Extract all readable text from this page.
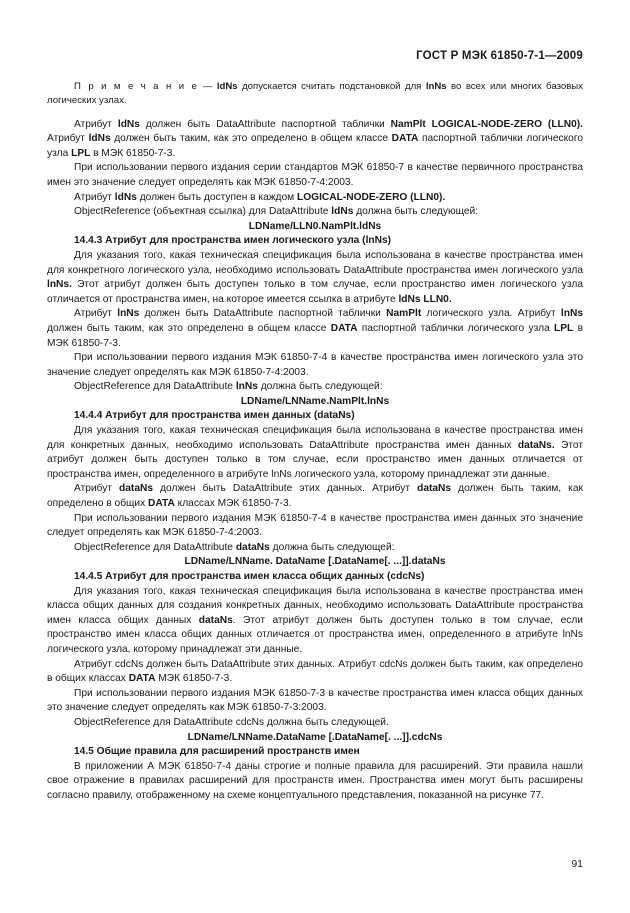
ГОСТ Р МЭК 61850-7-1—2009

П р и м е ч а н и е — ldNs допускается считать подстановкой для lnNs во всех или многих базовых логических узлах.

Атрибут ldNs должен быть DataAttribute паспортной таблички NamPlt LOGICAL-NODE-ZERO (LLN0). Атрибут ldNs должен быть таким, как это определено в общем классе DATA паспортной таблички логического узла LPL в МЭК 61850-7-3.

При использовании первого издания серии стандартов МЭК 61850-7 в качестве первичного пространства имен это значение следует определять как МЭК 61850-7-4:2003.

Атрибут ldNs должен быть доступен в каждом LOGICAL-NODE-ZERO (LLN0).

ObjectReference (объектная ссылка) для DataAttribute ldNs должна быть следующей:

LDName/LLN0.NamPlt.ldNs

14.4.3 Атрибут для пространства имен логического узла (lnNs)

Для указания того, какая техническая спецификация была использована в качестве пространства имен для конкретного логического узла, необходимо использовать DataAttribute пространства имен логического узла lnNs. Этот атрибут должен быть доступен только в том случае, если пространство имен логического узла отличается от пространства имен, на которое имеется ссылка в атрибуте ldNs LLN0.

Атрибут lnNs должен быть DataAttribute паспортной таблички NamPlt логического узла. Атрибут lnNs должен быть таким, как это определено в общем классе DATA паспортной таблички логического узла LPL в МЭК 61850-7-3.

При использовании первого издания МЭК 61850-7-4 в качестве пространства имен логического узла это значение следует определять как МЭК 61850-7-4:2003.

ObjectReference для DataAttribute lnNs должна быть следующей:

LDName/LNName.NamPlt.lnNs

14.4.4 Атрибут для пространства имен данных (dataNs)

Для указания того, какая техническая спецификация была использована в качестве пространства имен для конкретных данных, необходимо использовать DataAttribute пространства имен данных dataNs. Этот атрибут должен быть доступен только в том случае, если пространство имен данных отличается от пространства имен, определенного в атрибуте lnNs логического узла, которому принадлежат эти данные.

Атрибут dataNs должен быть DataAttribute этих данных. Атрибут dataNs должен быть таким, как определено в общих DATA классах МЭК 61850-7-3.

При использовании первого издания МЭК 61850-7-4 в качестве пространства имен данных это значение следует определять как МЭК 61850-7-4:2003.

ObjectReference для DataAttribute dataNs должна быть следующей:

LDName/LNName. DataName [.DataName[. ...]].dataNs

14.4.5 Атрибут для пространства имен класса общих данных (cdcNs)

Для указания того, какая техническая спецификация была использована в качестве пространства имен класса общих данных для создания конкретных данных, необходимо использовать DataAttribute пространства имен класса общих данных dataNs. Этот атрибут должен быть доступен только в том случае, если пространство имен класса общих данных отличается от пространства имен, определенного в атрибуте lnNs логического узла, которому принадлежат эти данные.

Атрибут cdcNs должен быть DataAttribute этих данных. Атрибут cdcNs должен быть таким, как определено в общих классах DATA МЭК 61850-7-3.

При использовании первого издания МЭК 61850-7-3 в качестве пространства имен класса общих данных это значение следует определять как МЭК 61850-7-3:2003.

ObjectReference для DataAttribute cdcNs должна быть следующей.

LDName/LNName.DataName [.DataName[. ...]].cdcNs

14.5 Общие правила для расширений пространств имен

В приложении А МЭК 61850-7-4 даны строгие и полные правила для расширений. Эти правила нашли свое отражение в правилах расширений для пространств имен. Пространства имен могут быть расширены согласно правилу, отображенному на схеме концептуального представления, показанной на рисунке 77.

91
